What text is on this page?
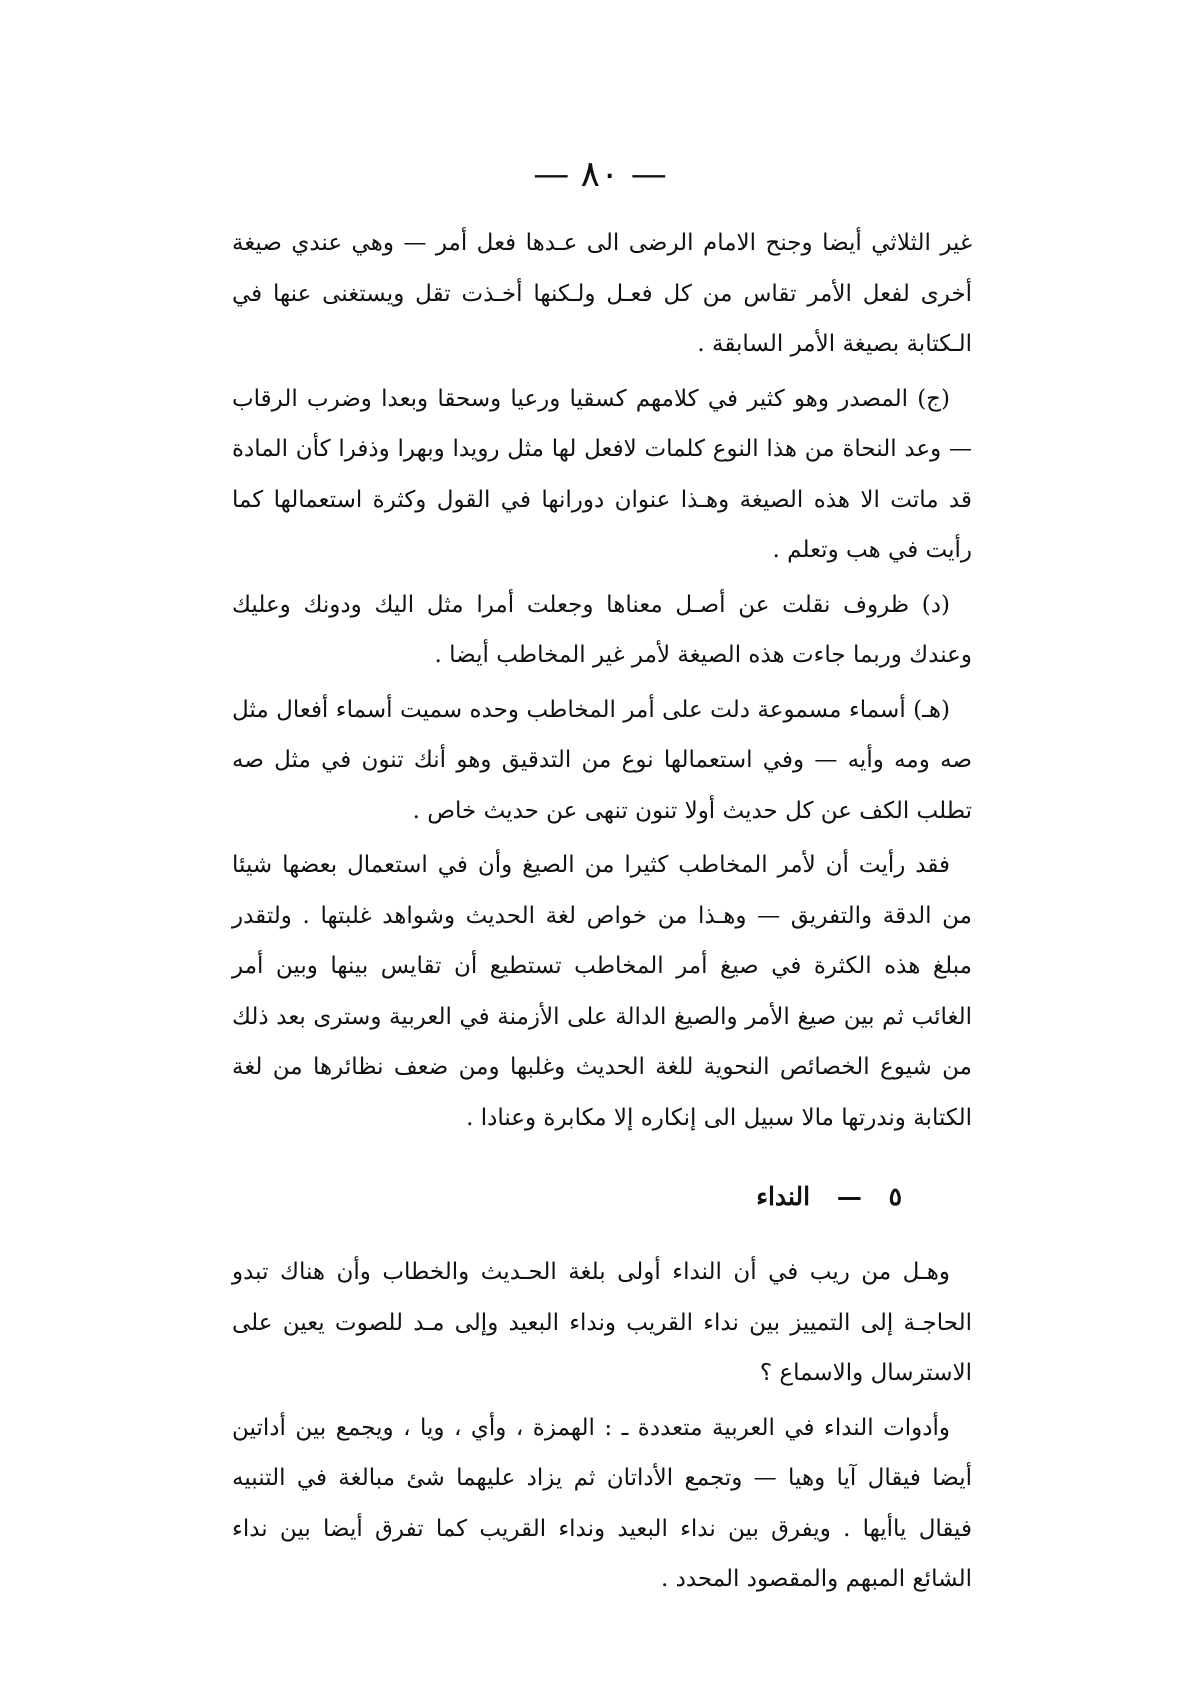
— ٨٠ —

غير الثلاثي أيضا وجنح الامام الرضى الى عـدها فعل أمر — وهي عندي صيغة أخرى لفعل الأمر تقاس من كل فعـل ولـكنها أخـذت تقل ويستغنى عنها في الـكتابة بصيغة الأمر السابقة .

(ج) المصدر وهو كثير في كلامهم كسقيا ورعيا وسحقا وبعدا وضرب الرقاب — وعد النحاة من هذا النوع كلمات لافعل لها مثل رويدا وبهرا وذفرا كأن المادة قد ماتت الا هذه الصيغة وهـذا عنوان دورانها في القول وكثرة استعمالها كما رأيت في هب وتعلم .

(د) ظروف نقلت عن أصـل معناها وجعلت أمرا مثل اليك ودونك وعليك وعندك وربما جاءت هذه الصيغة لأمر غير المخاطب أيضا .

(هـ) أسماء مسموعة دلت على أمر المخاطب وحده سميت أسماء أفعال مثل صه ومه وأيه — وفي استعمالها نوع من التدقيق وهو أنك تنون في مثل صه تطلب الكف عن كل حديث أولا تنون تنهى عن حديث خاص .

فقد رأيت أن لأمر المخاطب كثيرا من الصيغ وأن في استعمال بعضها شيئا من الدقة والتفريق — وهـذا من خواص لغة الحديث وشواهد غلبتها . ولتقدر مبلغ هذه الكثرة في صيغ أمر المخاطب تستطيع أن تقايس بينها وبين أمر الغائب ثم بين صيغ الأمر والصيغ الدالة على الأزمنة في العربية وسترى بعد ذلك من شيوع الخصائص النحوية للغة الحديث وغلبها ومن ضعف نظائرها من لغة الكتابة وندرتها مالا سبيل الى إنكاره إلا مكابرة وعنادا .

٥ — النداء

وهـل من ريب في أن النداء أولى بلغة الحـديث والخطاب وأن هناك تبدو الحاجـة إلى التمييز بين نداء القريب ونداء البعيد وإلى مـد للصوت يعين على الاسترسال والاسماع ؟

وأدوات النداء في العربية متعددة ـ : الهمزة ، وأي ، ويا ، ويجمع بين أداتين أيضا فيقال آيا وهيا — وتجمع الأداتان ثم يزاد عليهما شئ مبالغة في التنبيه فيقال ياأيها . ويفرق بين نداء البعيد ونداء القريب كما تفرق أيضا بين نداء الشائع المبهم والمقصود المحدد .
